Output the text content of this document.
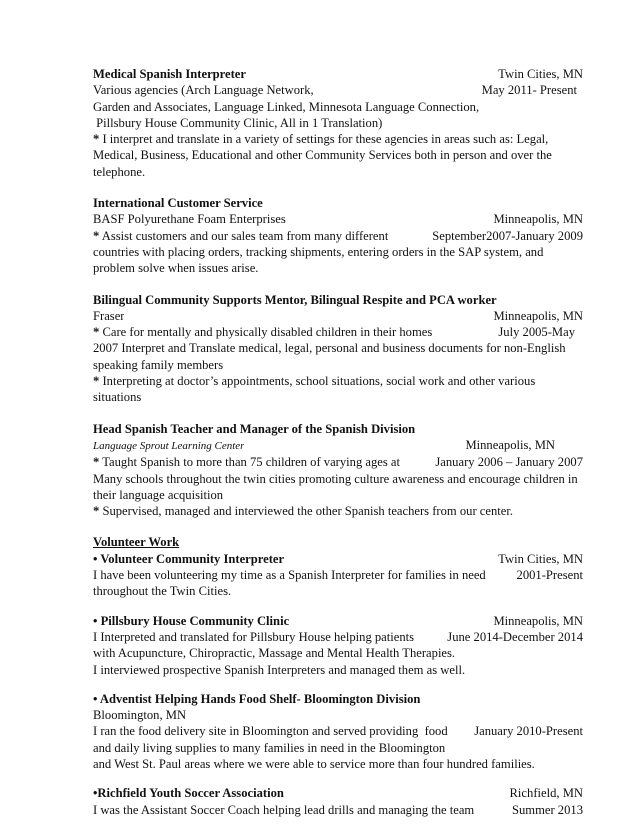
Medical Spanish Interpreter	Twin Cities, MN
Various agencies (Arch Language Network,	May 2011- Present
Garden and Associates, Language Linked, Minnesota Language Connection,
Pillsbury House Community Clinic, All in 1 Translation)
* I interpret and translate in a variety of settings for these agencies in areas such as: Legal,
Medical, Business, Educational and other Community Services both in person and over the
telephone.
International Customer Service
BASF Polyurethane Foam Enterprises	Minneapolis, MN
* Assist customers and our sales team from many different	September2007-January 2009
countries with placing orders, tracking shipments, entering orders in the SAP system, and
problem solve when issues arise.
Bilingual Community Supports Mentor, Bilingual Respite and PCA worker
Fraser	Minneapolis, MN
* Care for mentally and physically disabled children in their homes	July 2005-May
2007 Interpret and Translate medical, legal, personal and business documents for non-English
speaking family members
* Interpreting at doctor’s appointments, school situations, social work and other various
situations
Head Spanish Teacher and Manager of the Spanish Division
Language Sprout Learning Center	Minneapolis, MN
* Taught Spanish to more than 75 children of varying ages at	January 2006 – January 2007
Many schools throughout the twin cities promoting culture awareness and encourage children in
their language acquisition
* Supervised, managed and interviewed the other Spanish teachers from our center.
Volunteer Work
• Volunteer Community Interpreter	Twin Cities, MN
I have been volunteering my time as a Spanish Interpreter for families in need	2001-Present
throughout the Twin Cities.
• Pillsbury House Community Clinic	Minneapolis, MN
I Interpreted and translated for Pillsbury House helping patients	June 2014-December 2014
with Acupuncture, Chiropractic, Massage and Mental Health Therapies.
I interviewed prospective Spanish Interpreters and managed them as well.
• Adventist Helping Hands Food Shelf- Bloomington Division
Bloomington, MN
I ran the food delivery site in Bloomington and served providing  food	January 2010-Present
and daily living supplies to many families in need in the Bloomington
and West St. Paul areas where we were able to service more than four hundred families.
•Richfield Youth Soccer Association	Richfield, MN
I was the Assistant Soccer Coach helping lead drills and managing the team	Summer 2013
